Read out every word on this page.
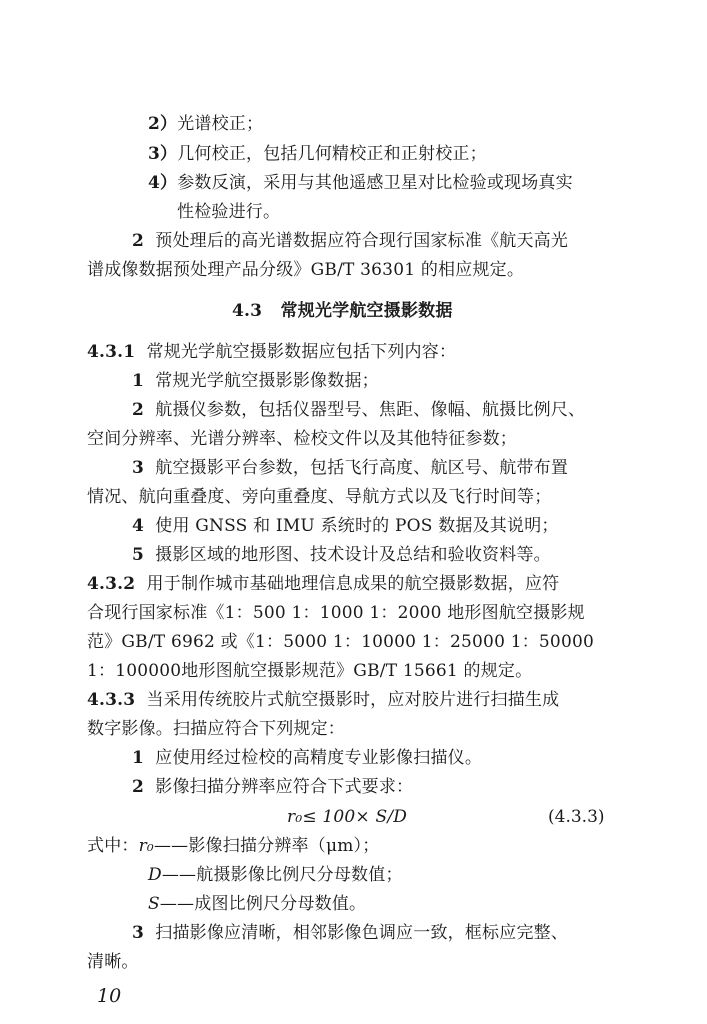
2）光谱校正；
3）几何校正，包括几何精校正和正射校正；
4）参数反演，采用与其他遥感卫星对比检验或现场真实
性检验进行。
2 预处理后的高光谱数据应符合现行国家标准《航天高光
谱成像数据预处理产品分级》GB/T 36301 的相应规定。
4.3 常规光学航空摄影数据
4.3.1 常规光学航空摄影数据应包括下列内容：
1 常规光学航空摄影影像数据；
2 航摄仪参数，包括仪器型号、焦距、像幅、航摄比例尺、
空间分辨率、光谱分辨率、检校文件以及其他特征参数；
3 航空摄影平台参数，包括飞行高度、航区号、航带布置
情况、航向重叠度、旁向重叠度、导航方式以及飞行时间等；
4 使用 GNSS 和 IMU 系统时的 POS 数据及其说明；
5 摄影区域的地形图、技术设计及总结和验收资料等。
4.3.2 用于制作城市基础地理信息成果的航空摄影数据，应符
合现行国家标准《1：500 1：1000 1：2000 地形图航空摄影规
范》GB/T 6962 或《1：5000 1：10000 1：25000 1：50000
1：100000地形图航空摄影规范》GB/T 15661 的规定。
4.3.3 当采用传统胶片式航空摄影时，应对胶片进行扫描生成
数字影像。扫描应符合下列规定：
1 应使用经过检校的高精度专业影像扫描仪。
2 影像扫描分辨率应符合下式要求：
r₀≤ 100× S/D	(4.3.3)
式中：r₀——影像扫描分辨率（μm）；
D——航摄影像比例尺分母数值；
S——成图比例尺分母数值。
3 扫描影像应清晰，相邻影像色调应一致，框标应完整、
清晰。
10
